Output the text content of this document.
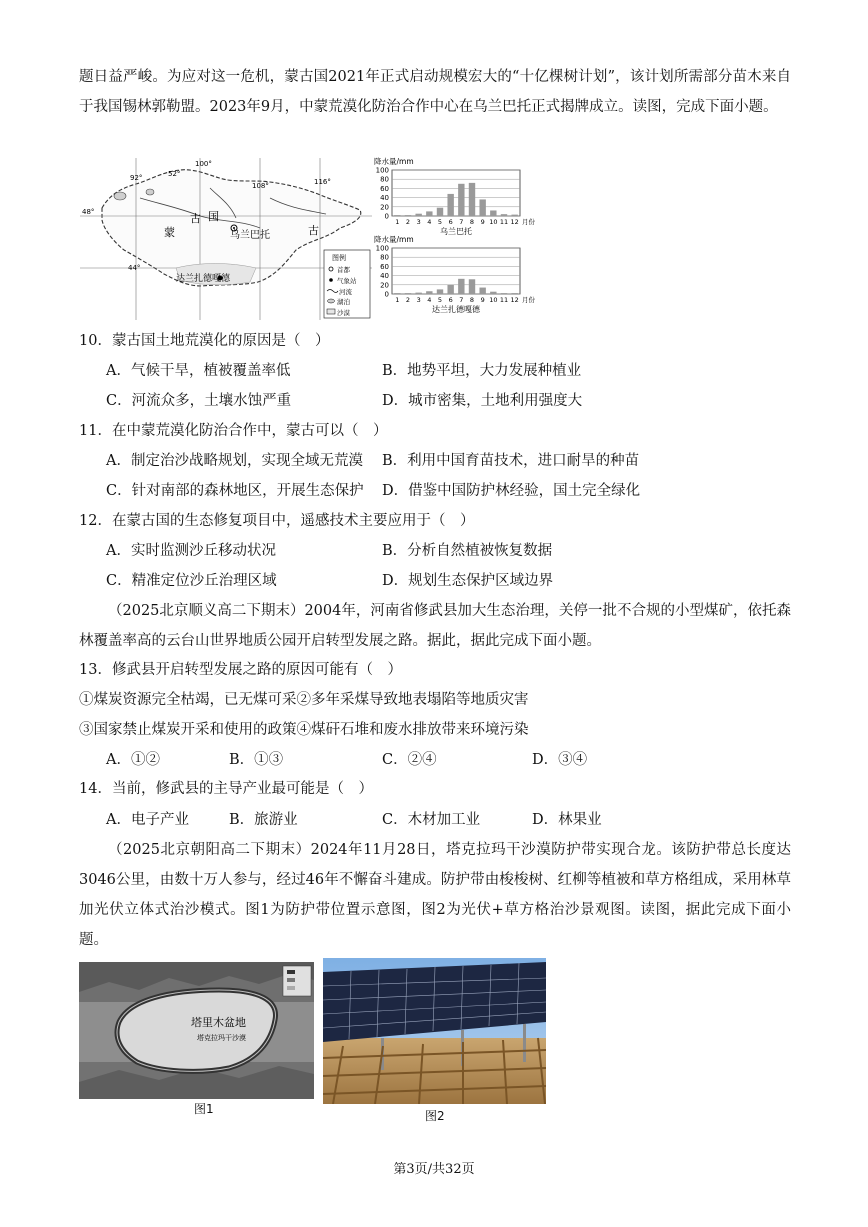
题日益严峻。为应对这一危机，蒙古国2021年正式启动规模宏大的“十亿棵树计划”，该计划所需部分苗木来自于我国锡林郭勒盟。2023年9月，中蒙荒漠化防治合作中心在乌兰巴托正式揭牌成立。读图，完成下面小题。
48°
44°
92°	52°
100°
108°	116°
蒙
古 国
乌兰巴托	古
达兰扎德嘎德
图例
首都
气象站
河流
湖泊
沙漠
100
80
60
40
20
0
降水量/mm
1 2 3 4 5 6 7 8 9 10 11 12 月份
乌兰巴托
100
80
60
40
20
0
降水量/mm
1 2 3 4 5 6 7 8 9 10 11 12 月份
达兰扎德嘎德
10．蒙古国土地荒漠化的原因是（　）
A．气候干旱，植被覆盖率低	B．地势平坦，大力发展种植业
C．河流众多，土壤水蚀严重	D．城市密集，土地利用强度大
11．在中蒙荒漠化防治合作中，蒙古可以（　）
A．制定治沙战略规划，实现全域无荒漠 B．利用中国育苗技术，进口耐旱的种苗
C．针对南部的森林地区，开展生态保护 D．借鉴中国防护林经验，国土完全绿化
12．在蒙古国的生态修复项目中，遥感技术主要应用于（　）
A．实时监测沙丘移动状况	B．分析自然植被恢复数据
C．精准定位沙丘治理区域	D．规划生态保护区域边界
（2025北京顺义高二下期末）2004年，河南省修武县加大生态治理，关停一批不合规的小型煤矿，依托森林覆盖率高的云台山世界地质公园开启转型发展之路。据此，据此完成下面小题。
13．修武县开启转型发展之路的原因可能有（　）
①煤炭资源完全枯竭，已无煤可采②多年采煤导致地表塌陷等地质灾害
③国家禁止煤炭开采和使用的政策④煤矸石堆和废水排放带来环境污染
A．①②	B．①③	C．②④	D．③④
14．当前，修武县的主导产业最可能是（　）
A．电子产业	B．旅游业	C．木材加工业	D．林果业
（2025北京朝阳高二下期末）2024年11月28日，塔克拉玛干沙漠防护带实现合龙。该防护带总长度达3046公里，由数十万人参与，经过46年不懈奋斗建成。防护带由梭梭树、红柳等植被和草方格组成，采用林草加光伏立体式治沙模式。图1为防护带位置示意图，图2为光伏+草方格治沙景观图。读图，据此完成下面小题。
塔里木盆地
塔克拉玛干沙漠
图1	图2
第3页/共32页
